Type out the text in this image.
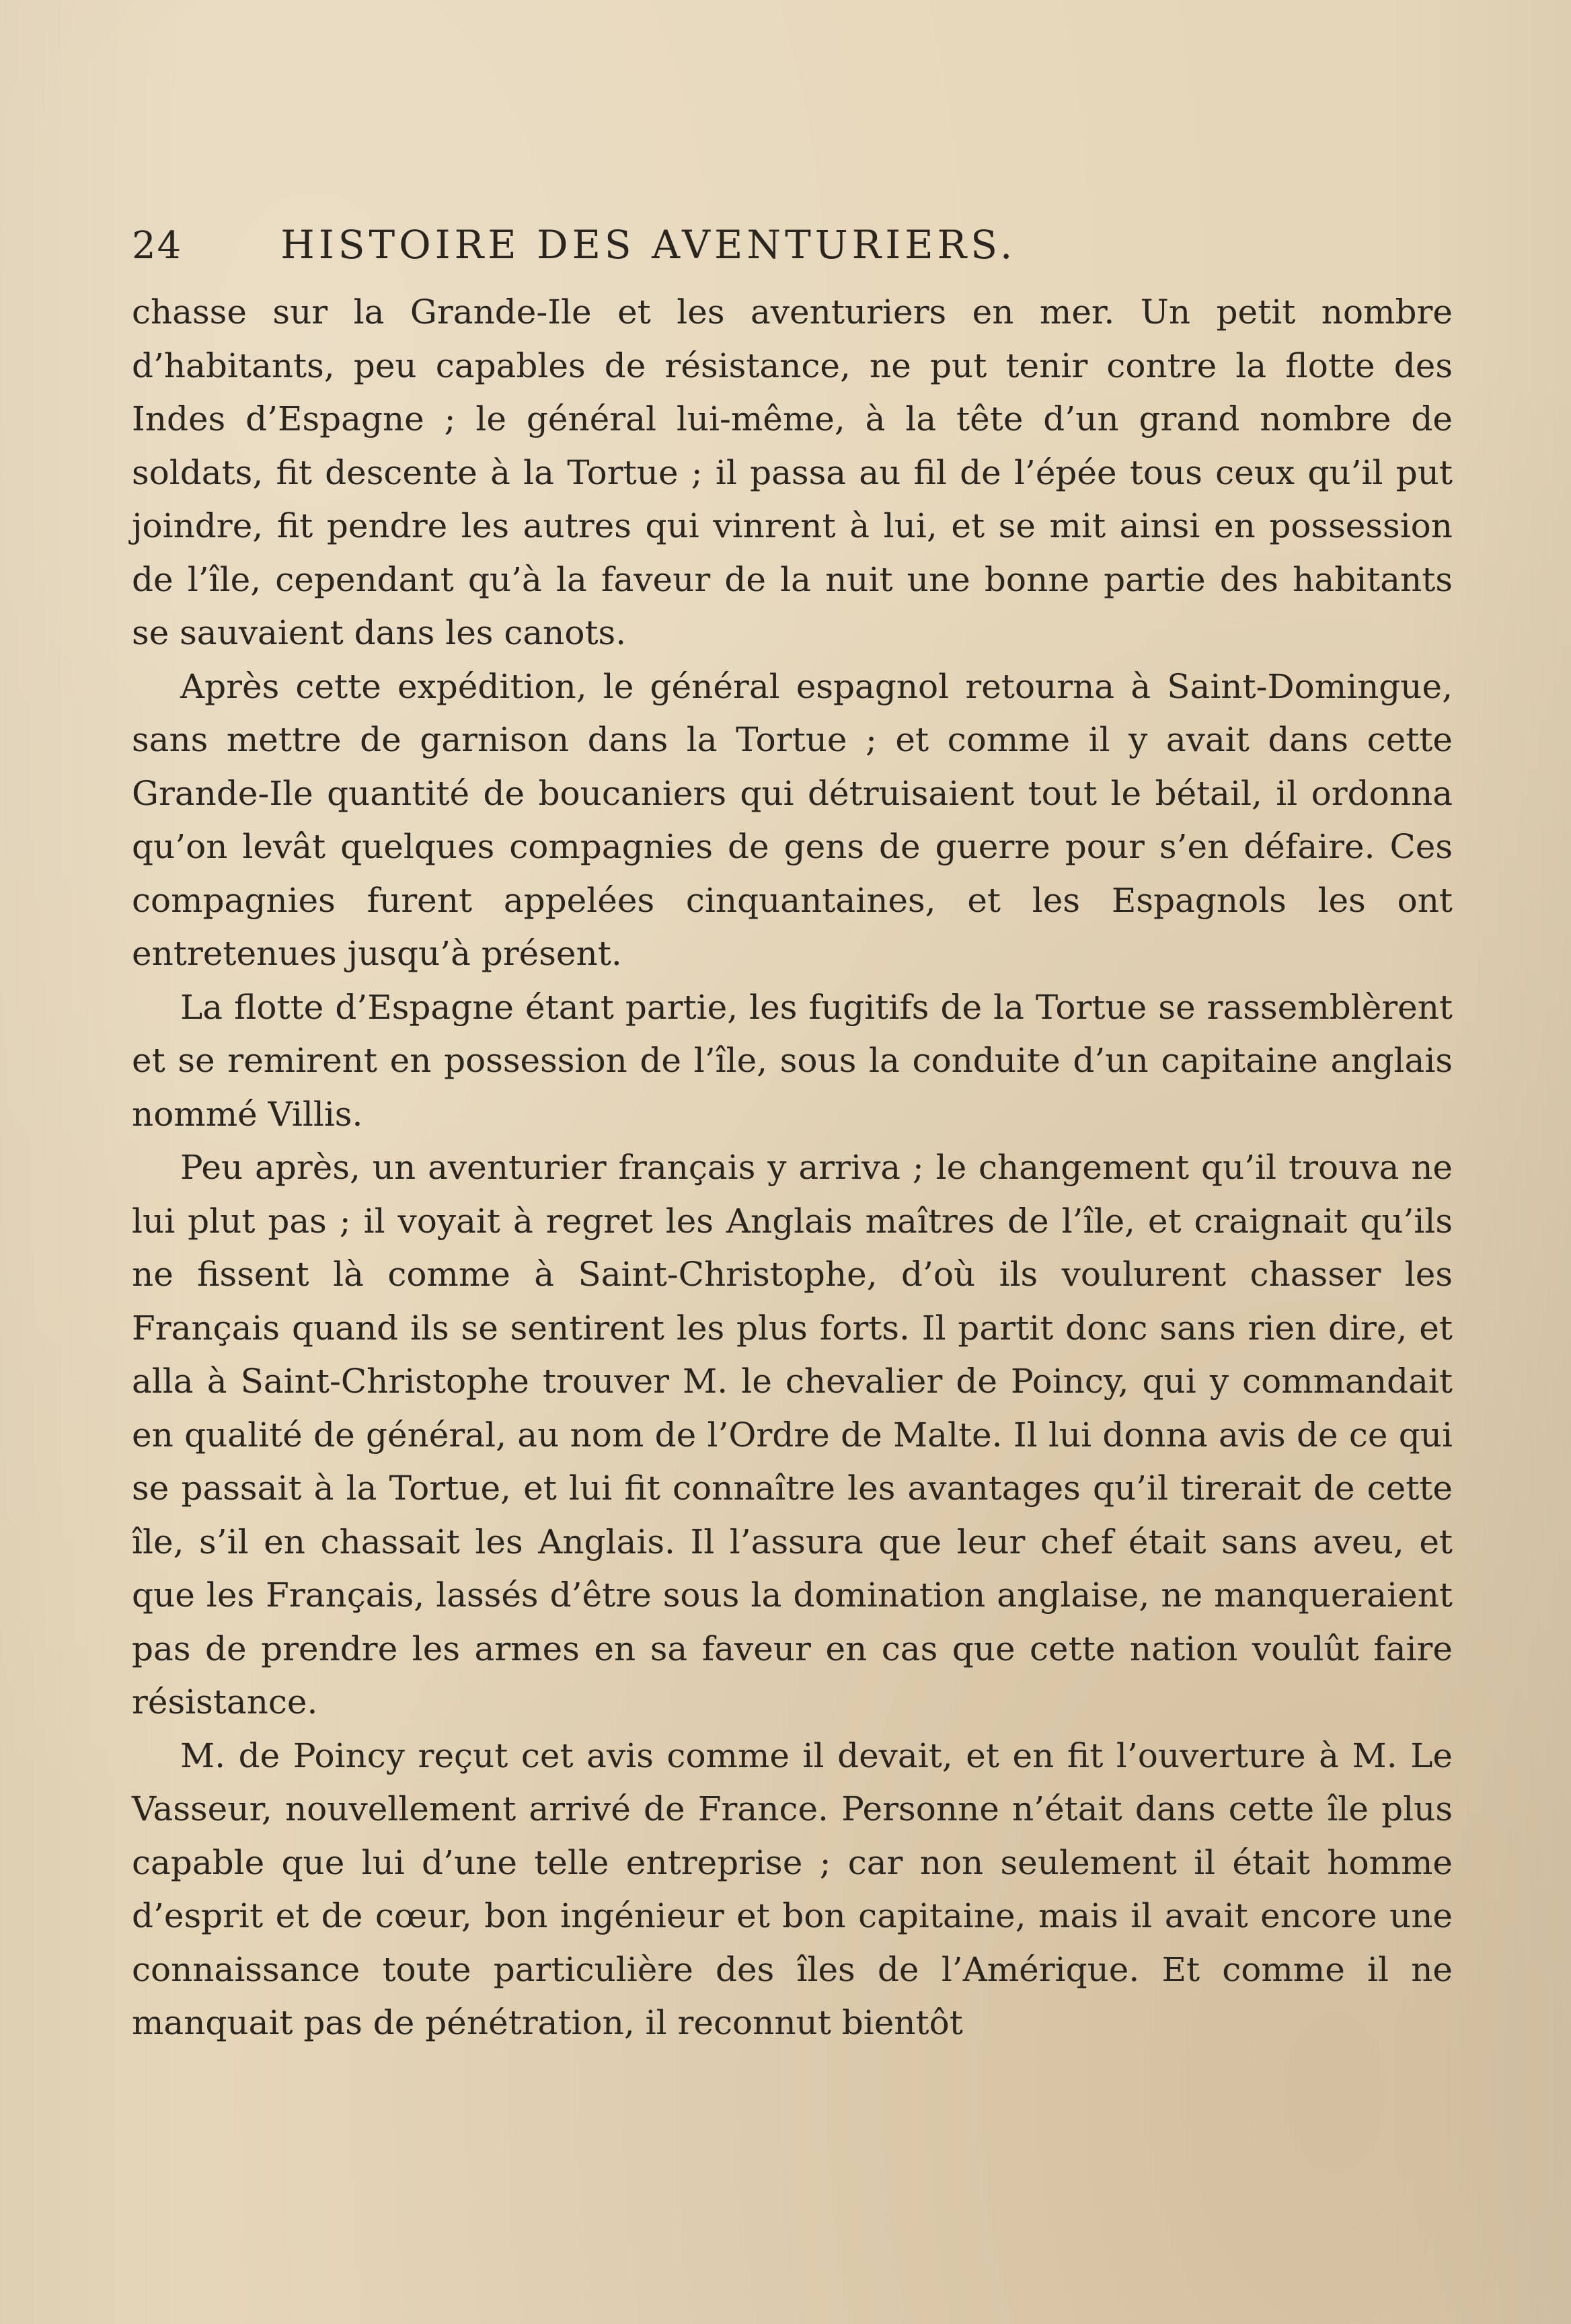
24	HISTOIRE DES AVENTURIERS.

chasse sur la Grande-Ile et les aventuriers en mer. Un petit nombre d’habitants, peu capables de résistance, ne put tenir contre la flotte des Indes d’Espagne ; le général lui-même, à la tête d’un grand nombre de soldats, fit descente à la Tortue ; il passa au fil de l’épée tous ceux qu’il put joindre, fit pendre les autres qui vinrent à lui, et se mit ainsi en possession de l’île, cependant qu’à la faveur de la nuit une bonne partie des habitants se sauvaient dans les canots.

Après cette expédition, le général espagnol retourna à Saint-Domingue, sans mettre de garnison dans la Tortue ; et comme il y avait dans cette Grande-Ile quantité de boucaniers qui détruisaient tout le bétail, il ordonna qu’on levât quelques compagnies de gens de guerre pour s’en défaire. Ces compagnies furent appelées cinquantaines, et les Espagnols les ont entretenues jusqu’à présent.

La flotte d’Espagne étant partie, les fugitifs de la Tortue se rassemblèrent et se remirent en possession de l’île, sous la conduite d’un capitaine anglais nommé Villis.

Peu après, un aventurier français y arriva ; le changement qu’il trouva ne lui plut pas ; il voyait à regret les Anglais maîtres de l’île, et craignait qu’ils ne fissent là comme à Saint-Christophe, d’où ils voulurent chasser les Français quand ils se sentirent les plus forts. Il partit donc sans rien dire, et alla à Saint-Christophe trouver M. le chevalier de Poincy, qui y commandait en qualité de général, au nom de l’Ordre de Malte. Il lui donna avis de ce qui se passait à la Tortue, et lui fit connaître les avantages qu’il tirerait de cette île, s’il en chassait les Anglais. Il l’assura que leur chef était sans aveu, et que les Français, lassés d’être sous la domination anglaise, ne manqueraient pas de prendre les armes en sa faveur en cas que cette nation voulût faire résistance.

M. de Poincy reçut cet avis comme il devait, et en fit l’ouverture à M. Le Vasseur, nouvellement arrivé de France. Personne n’était dans cette île plus capable que lui d’une telle entreprise ; car non seulement il était homme d’esprit et de cœur, bon ingénieur et bon capitaine, mais il avait encore une connaissance toute particulière des îles de l’Amérique. Et comme il ne manquait pas de pénétration, il reconnut bientôt
